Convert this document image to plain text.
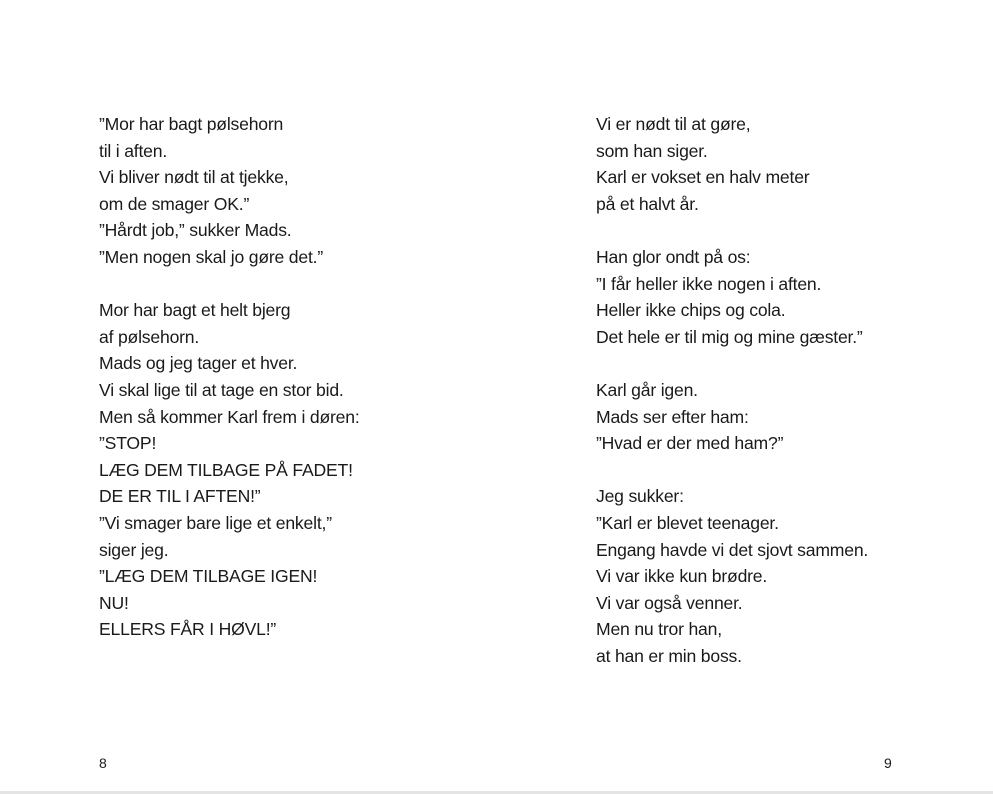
”Mor har bagt pølsehorn
til i aften.
Vi bliver nødt til at tjekke,
om de smager OK.”
”Hårdt job,” sukker Mads.
”Men nogen skal jo gøre det.”
Mor har bagt et helt bjerg
af pølsehorn.
Mads og jeg tager et hver.
Vi skal lige til at tage en stor bid.
Men så kommer Karl frem i døren:
”STOP!
LÆG DEM TILBAGE PÅ FADET!
DE ER TIL I AFTEN!”
”Vi smager bare lige et enkelt,”
siger jeg.
”LÆG DEM TILBAGE IGEN!
NU!
ELLERS FÅR I HØVL!”
8
Vi er nødt til at gøre,
som han siger.
Karl er vokset en halv meter
på et halvt år.
Han glor ondt på os:
”I får heller ikke nogen i aften.
Heller ikke chips og cola.
Det hele er til mig og mine gæster.”
Karl går igen.
Mads ser efter ham:
”Hvad er der med ham?”
Jeg sukker:
”Karl er blevet teenager.
Engang havde vi det sjovt sammen.
Vi var ikke kun brødre.
Vi var også venner.
Men nu tror han,
at han er min boss.
9
